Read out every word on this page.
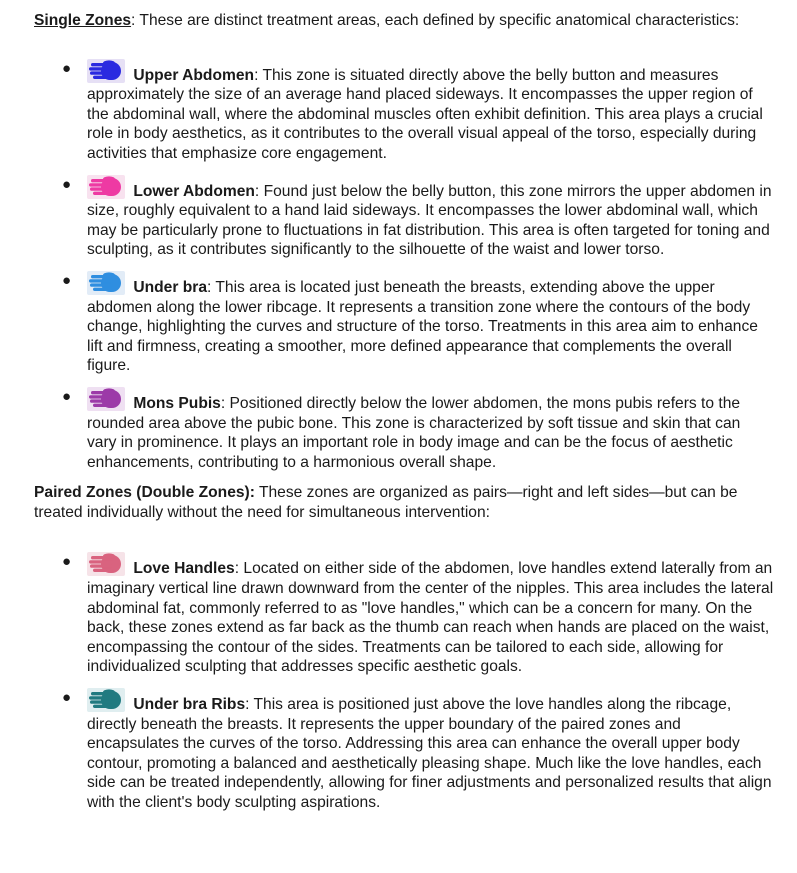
Single Zones: These are distinct treatment areas, each defined by specific anatomical characteristics:

●	Upper Abdomen: This zone is situated directly above the belly button and measures approximately the size of an average hand placed sideways. It encompasses the upper region of the abdominal wall, where the abdominal muscles often exhibit definition. This area plays a crucial role in body aesthetics, as it contributes to the overall visual appeal of the torso, especially during activities that emphasize core engagement.
●	Lower Abdomen: Found just below the belly button, this zone mirrors the upper abdomen in size, roughly equivalent to a hand laid sideways. It encompasses the lower abdominal wall, which may be particularly prone to fluctuations in fat distribution. This area is often targeted for toning and sculpting, as it contributes significantly to the silhouette of the waist and lower torso.
●	Under bra: This area is located just beneath the breasts, extending above the upper abdomen along the lower ribcage. It represents a transition zone where the contours of the body change, highlighting the curves and structure of the torso. Treatments in this area aim to enhance lift and firmness, creating a smoother, more defined appearance that complements the overall figure.
●	Mons Pubis: Positioned directly below the lower abdomen, the mons pubis refers to the rounded area above the pubic bone. This zone is characterized by soft tissue and skin that can vary in prominence. It plays an important role in body image and can be the focus of aesthetic enhancements, contributing to a harmonious overall shape.

Paired Zones (Double Zones): These zones are organized as pairs—right and left sides—but can be treated individually without the need for simultaneous intervention:

●	Love Handles: Located on either side of the abdomen, love handles extend laterally from an imaginary vertical line drawn downward from the center of the nipples. This area includes the lateral abdominal fat, commonly referred to as "love handles," which can be a concern for many. On the back, these zones extend as far back as the thumb can reach when hands are placed on the waist, encompassing the contour of the sides. Treatments can be tailored to each side, allowing for individualized sculpting that addresses specific aesthetic goals.
●	Under bra Ribs: This area is positioned just above the love handles along the ribcage, directly beneath the breasts. It represents the upper boundary of the paired zones and encapsulates the curves of the torso. Addressing this area can enhance the overall upper body contour, promoting a balanced and aesthetically pleasing shape. Much like the love handles, each side can be treated independently, allowing for finer adjustments and personalized results that align with the client's body sculpting aspirations.
